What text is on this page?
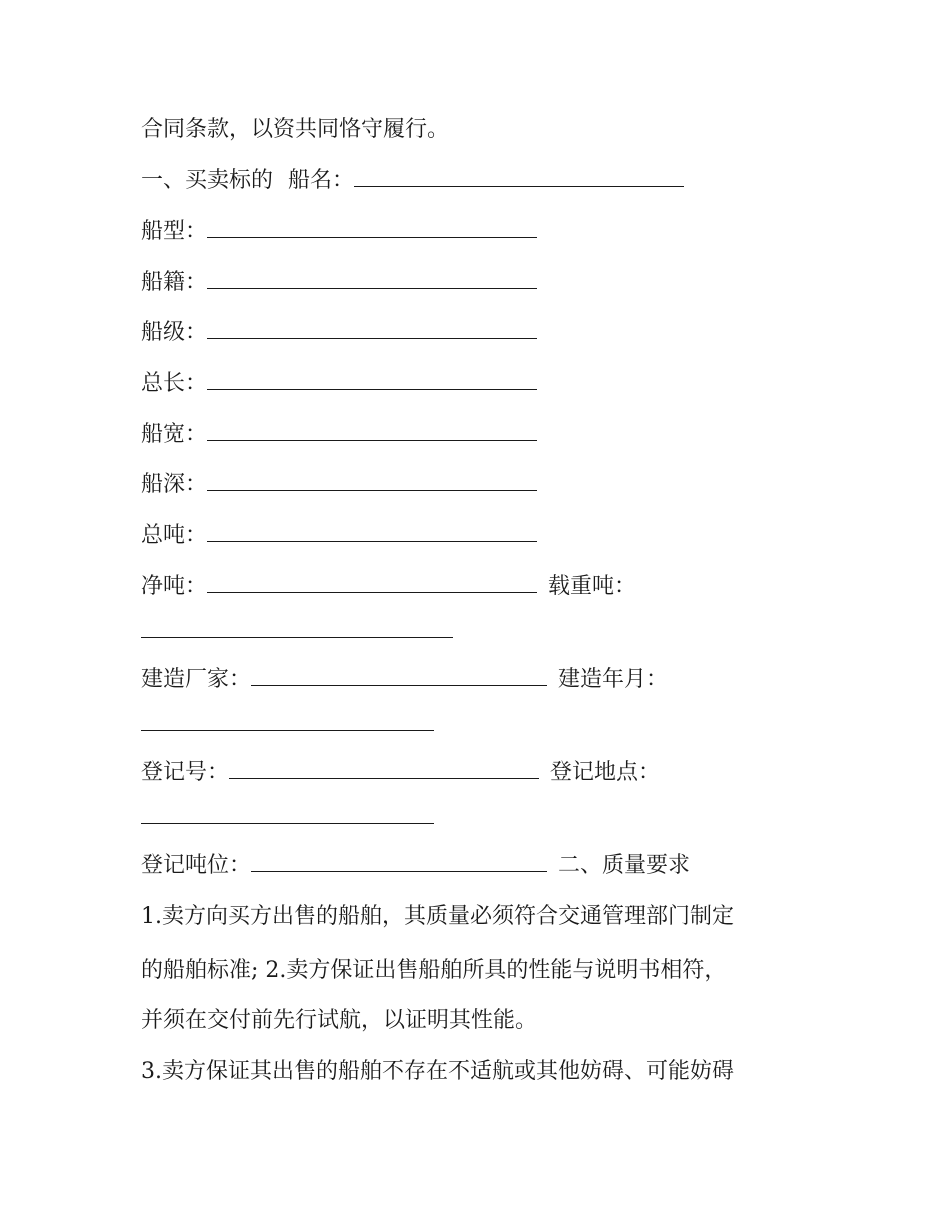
合同条款，以资共同恪守履行。
一、买卖标的 船名：
船型：
船籍：
船级：
总长：
船宽：
船深：
总吨：
净吨：	载重吨：
建造厂家：	建造年月：
登记号：	登记地点：
登记吨位：	二、质量要求
1.卖方向买方出售的船舶，其质量必须符合交通管理部门制定
的船舶标准; 2.卖方保证出售船舶所具的性能与说明书相符，
并须在交付前先行试航，以证明其性能。
3.卖方保证其出售的船舶不存在不适航或其他妨碍、可能妨碍
